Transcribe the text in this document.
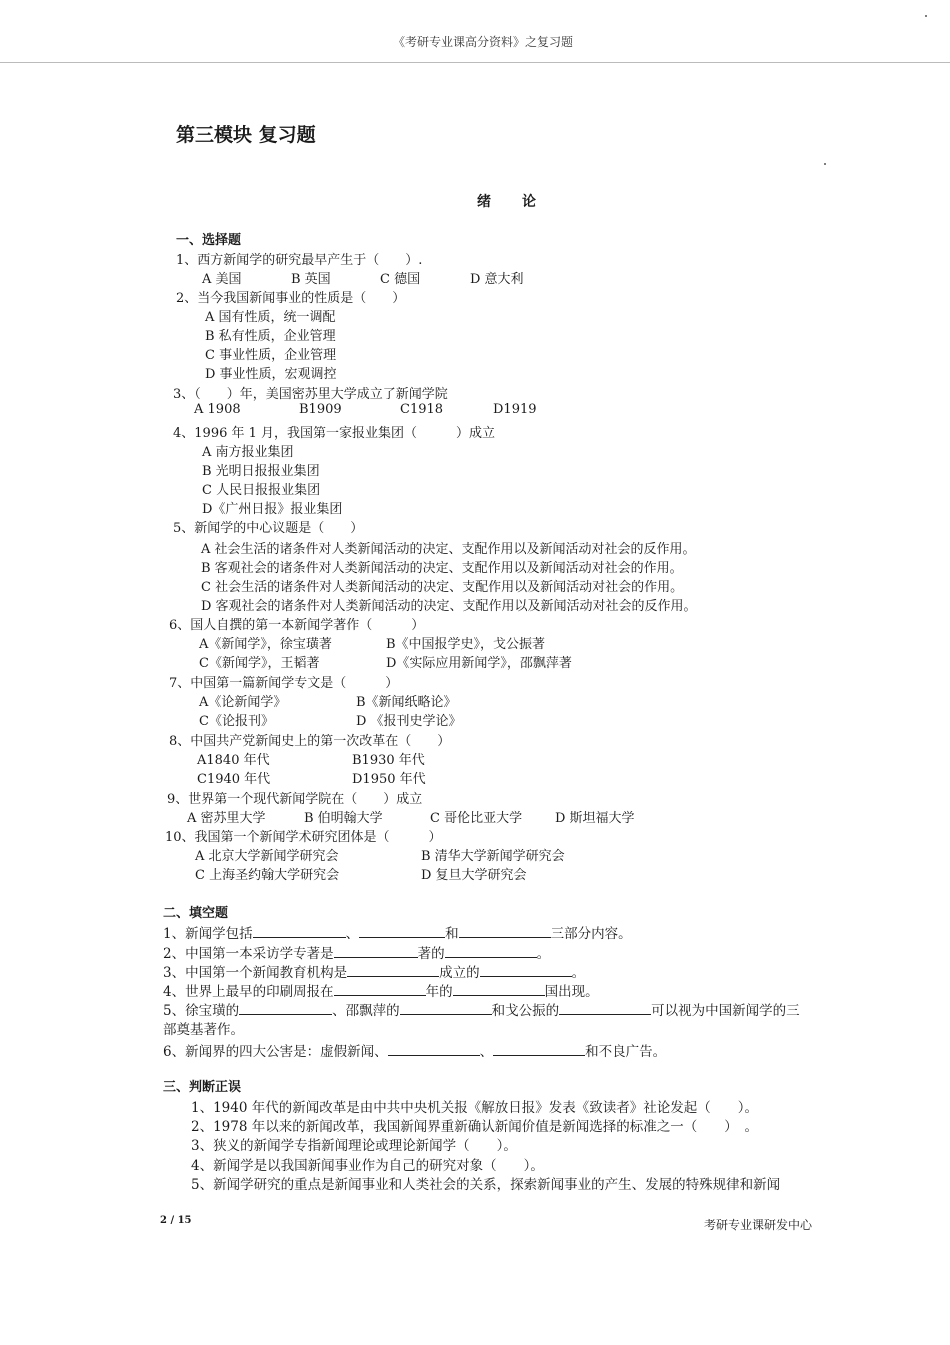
《考研专业课高分资料》之复习题
第三模块 复习题
绪　　论
一、选择题
1、西方新闻学的研究最早产生于（　　）.
A 美国	B 英国	C 德国	D 意大利
2、当今我国新闻事业的性质是（　　）
A 国有性质，统一调配
B 私有性质，企业管理
C 事业性质，企业管理
D 事业性质，宏观调控
3、（　　）年，美国密苏里大学成立了新闻学院
A 1908	B1909	C1918	D1919
4、1996 年 1 月，我国第一家报业集团（　　　）成立
A 南方报业集团
B 光明日报报业集团
C 人民日报报业集团
D《广州日报》报业集团
5、新闻学的中心议题是（　　）
A 社会生活的诸条件对人类新闻活动的决定、支配作用以及新闻活动对社会的反作用。
B 客观社会的诸条件对人类新闻活动的决定、支配作用以及新闻活动对社会的作用。
C 社会生活的诸条件对人类新闻活动的决定、支配作用以及新闻活动对社会的作用。
D 客观社会的诸条件对人类新闻活动的决定、支配作用以及新闻活动对社会的反作用。
6、国人自撰的第一本新闻学著作（　　　）
A《新闻学》，徐宝璜著	B《中国报学史》，戈公振著
C《新闻学》，王韬著	D《实际应用新闻学》，邵飘萍著
7、中国第一篇新闻学专文是（　　　）
A《论新闻学》	B《新闻纸略论》
C《论报刊》	D 《报刊史学论》
8、中国共产党新闻史上的第一次改革在（　　）
A1840 年代	B1930 年代
C1940 年代	D1950 年代
9、世界第一个现代新闻学院在（　　）成立
A 密苏里大学	B 伯明翰大学	C 哥伦比亚大学	D 斯坦福大学
10、我国第一个新闻学术研究团体是（　　　）
A 北京大学新闻学研究会	B 清华大学新闻学研究会
C 上海圣约翰大学研究会	D 复旦大学研究会
二、填空题
1、新闻学包括	、	和	三部分内容。
2、中国第一本采访学专著是	著的	。
3、中国第一个新闻教育机构是	成立的	。
4、世界上最早的印刷周报在	年的	国出现。
5、徐宝璜的	、邵飘萍的	和戈公振的	可以视为中国新闻学的三
部奠基著作。
6、新闻界的四大公害是：虚假新闻、	、	和不良广告。
三、判断正误
1、1940 年代的新闻改革是由中共中央机关报《解放日报》发表《致读者》社论发起（　　）。
2、1978 年以来的新闻改革，我国新闻界重新确认新闻价值是新闻选择的标准之一（　　）　。
3、狭义的新闻学专指新闻理论或理论新闻学（　　）。
4、新闻学是以我国新闻事业作为自己的研究对象（　　）。
5、新闻学研究的重点是新闻事业和人类社会的关系，探索新闻事业的产生、发展的特殊规律和新闻
2 / 15	考研专业课研发中心
